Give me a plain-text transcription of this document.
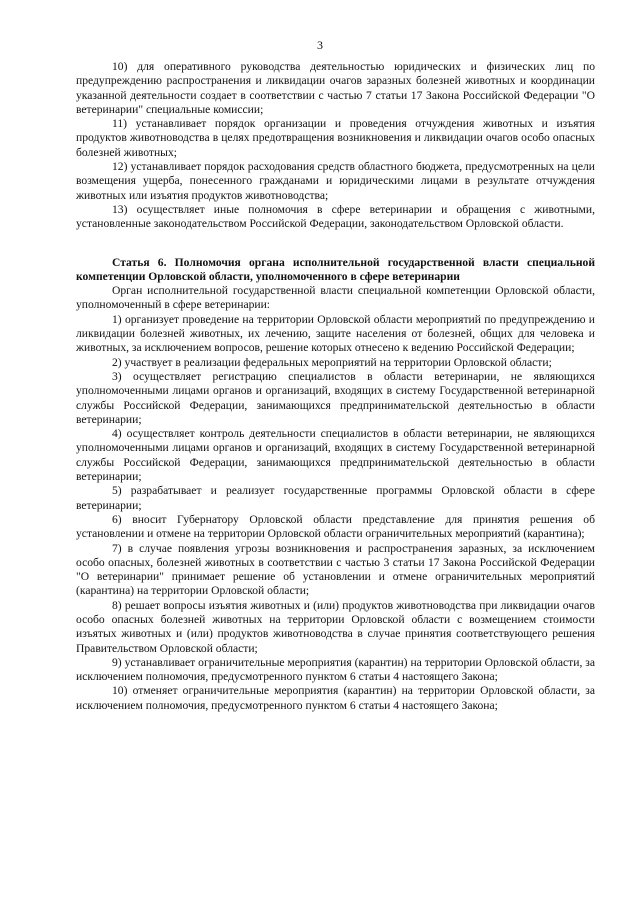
3

10) для оперативного руководства деятельностью юридических и физических лиц по предупреждению распространения и ликвидации очагов заразных болезней животных и координации указанной деятельности создает в соответствии с частью 7 статьи 17 Закона Российской Федерации "О ветеринарии" специальные комиссии;

11) устанавливает порядок организации и проведения отчуждения животных и изъятия продуктов животноводства в целях предотвращения возникновения и ликвидации очагов особо опасных болезней животных;

12) устанавливает порядок расходования средств областного бюджета, предусмотренных на цели возмещения ущерба, понесенного гражданами и юридическими лицами в результате отчуждения животных или изъятия продуктов животноводства;

13) осуществляет иные полномочия в сфере ветеринарии и обращения с животными, установленные законодательством Российской Федерации, законодательством Орловской области.

Статья 6. Полномочия органа исполнительной государственной власти специальной компетенции Орловской области, уполномоченного в сфере ветеринарии

Орган исполнительной государственной власти специальной компетенции Орловской области, уполномоченный в сфере ветеринарии:

1) организует проведение на территории Орловской области мероприятий по предупреждению и ликвидации болезней животных, их лечению, защите населения от болезней, общих для человека и животных, за исключением вопросов, решение которых отнесено к ведению Российской Федерации;

2) участвует в реализации федеральных мероприятий на территории Орловской области;

3) осуществляет регистрацию специалистов в области ветеринарии, не являющихся уполномоченными лицами органов и организаций, входящих в систему Государственной ветеринарной службы Российской Федерации, занимающихся предпринимательской деятельностью в области ветеринарии;

4) осуществляет контроль деятельности специалистов в области ветеринарии, не являющихся уполномоченными лицами органов и организаций, входящих в систему Государственной ветеринарной службы Российской Федерации, занимающихся предпринимательской деятельностью в области ветеринарии;

5) разрабатывает и реализует государственные программы Орловской области в сфере ветеринарии;

6) вносит Губернатору Орловской области представление для принятия решения об установлении и отмене на территории Орловской области ограничительных мероприятий (карантина);

7) в случае появления угрозы возникновения и распространения заразных, за исключением особо опасных, болезней животных в соответствии с частью 3 статьи 17 Закона Российской Федерации "О ветеринарии" принимает решение об установлении и отмене ограничительных мероприятий (карантина) на территории Орловской области;

8) решает вопросы изъятия животных и (или) продуктов животноводства при ликвидации очагов особо опасных болезней животных на территории Орловской области с возмещением стоимости изъятых животных и (или) продуктов животноводства в случае принятия соответствующего решения Правительством Орловской области;

9) устанавливает ограничительные мероприятия (карантин) на территории Орловской области, за исключением полномочия, предусмотренного пунктом 6 статьи 4 настоящего Закона;

10) отменяет ограничительные мероприятия (карантин) на территории Орловской области, за исключением полномочия, предусмотренного пунктом 6 статьи 4 настоящего Закона;
